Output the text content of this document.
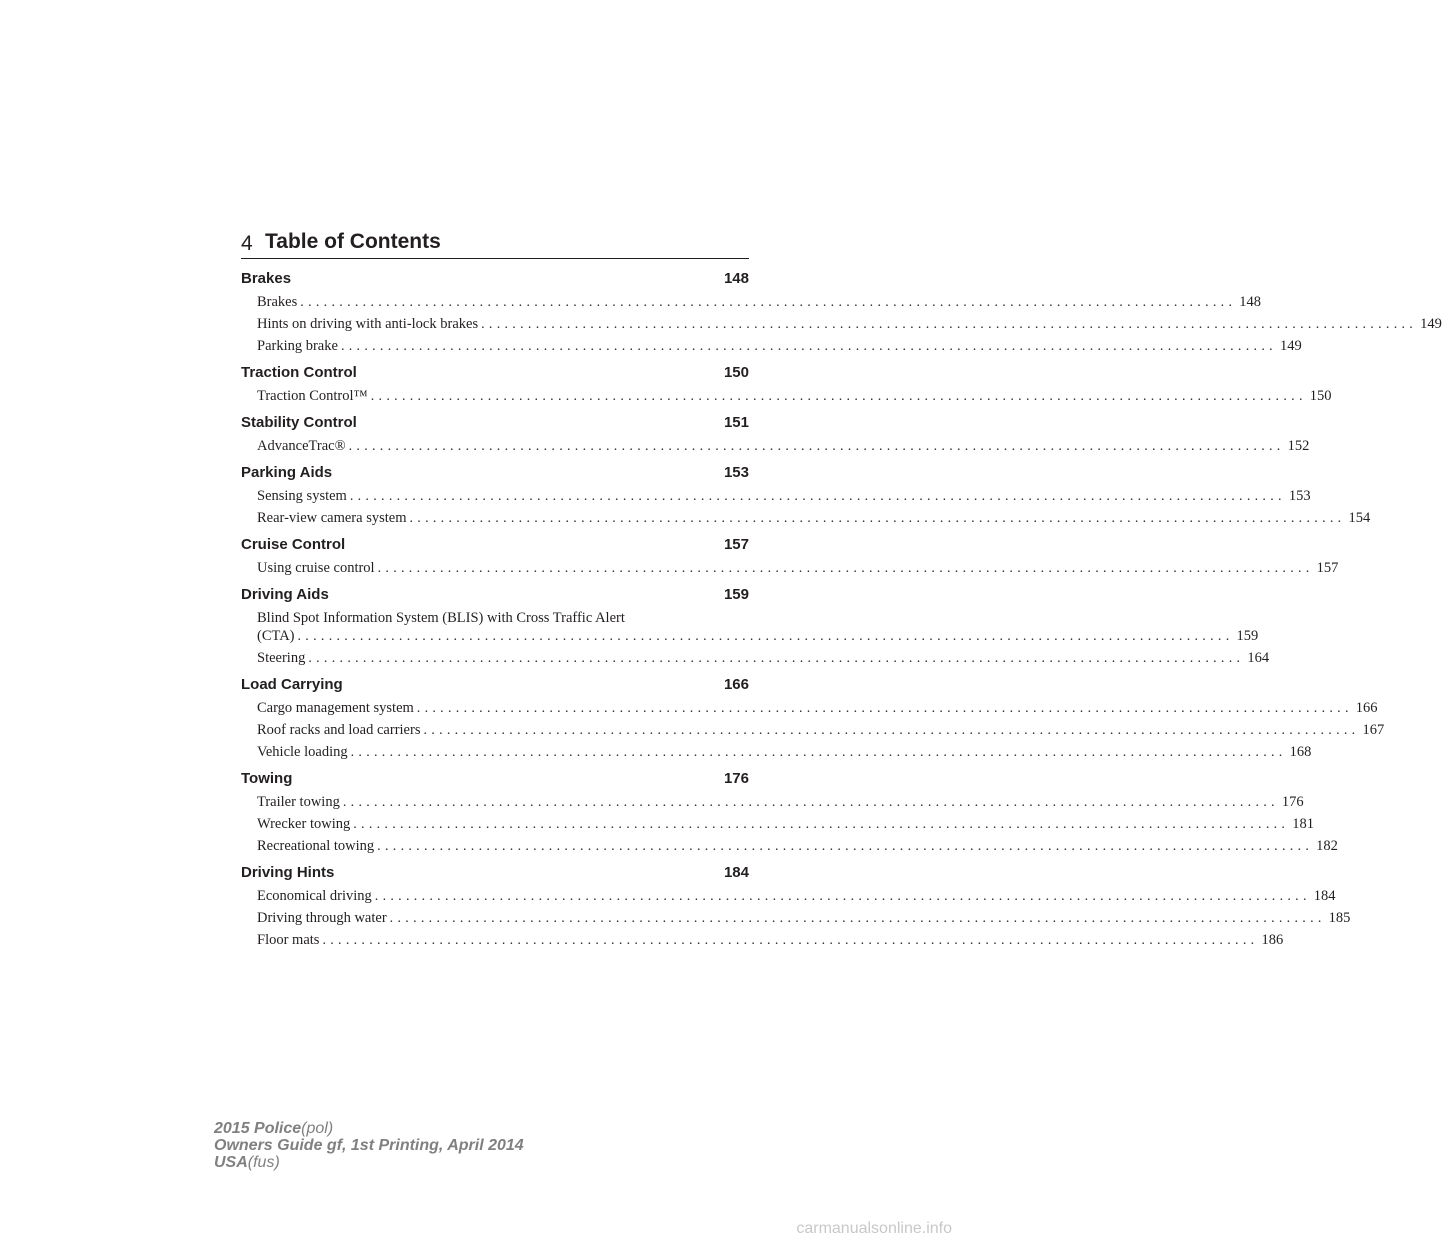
4 Table of Contents
Brakes	148
Brakes ........................................................................................................................ 148
Hints on driving with anti-lock brakes ........................................................................................................................ 149
Parking brake ........................................................................................................................ 149
Traction Control	150
Traction Control™ ........................................................................................................................ 150
Stability Control	151
AdvanceTrac® ........................................................................................................................ 152
Parking Aids	153
Sensing system ........................................................................................................................ 153
Rear-view camera system ........................................................................................................................ 154
Cruise Control	157
Using cruise control ........................................................................................................................ 157
Driving Aids	159
Blind Spot Information System (BLIS) with Cross Traffic Alert
(CTA) ........................................................................................................................ 159
Steering ........................................................................................................................ 164
Load Carrying	166
Cargo management system ........................................................................................................................ 166
Roof racks and load carriers ........................................................................................................................ 167
Vehicle loading ........................................................................................................................ 168
Towing	176
Trailer towing ........................................................................................................................ 176
Wrecker towing ........................................................................................................................ 181
Recreational towing ........................................................................................................................ 182
Driving Hints	184
Economical driving ........................................................................................................................ 184
Driving through water ........................................................................................................................ 185
Floor mats ........................................................................................................................ 186
2015 Police(pol)
Owners Guide gf, 1st Printing, April 2014
USA(fus)
carmanualsonline.info
